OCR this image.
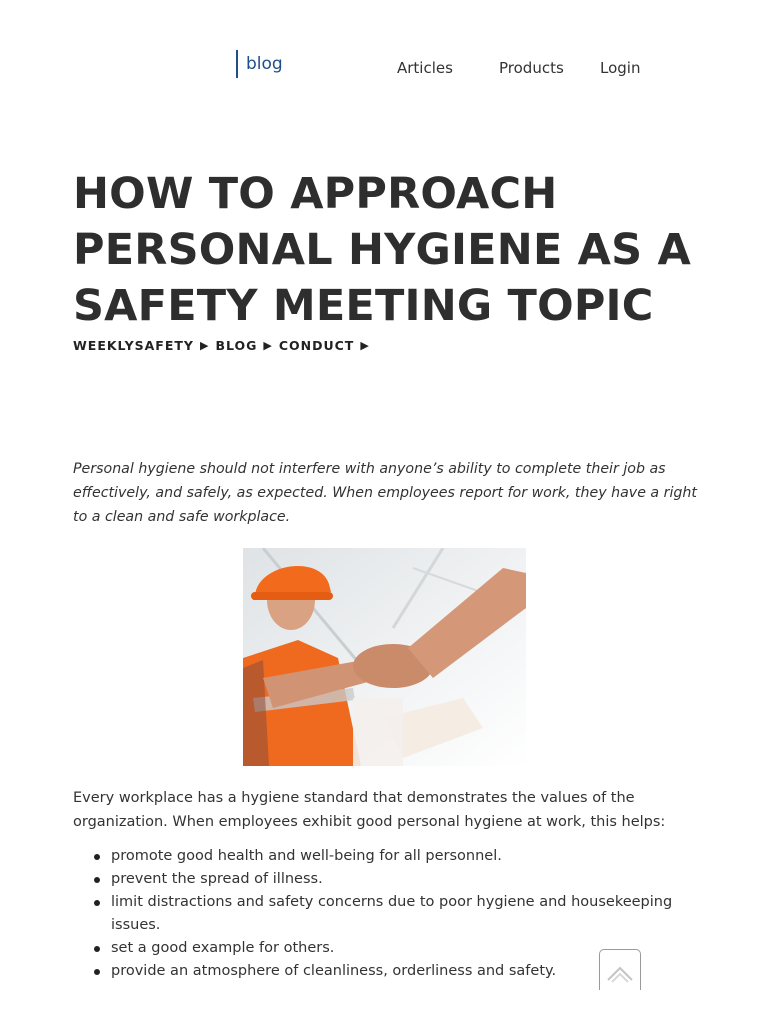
blog	Articles	Products Login
HOW TO APPROACH PERSONAL HYGIENE AS A SAFETY MEETING TOPIC
WEEKLYSAFETY ▶ BLOG ▶ CONDUCT ▶

Personal hygiene should not interfere with anyone’s ability to complete their job as effectively, and safely, as expected. When employees report for work, they have a right to a clean and safe workplace.

Every workplace has a hygiene standard that demonstrates the values of the organization. When employees exhibit good personal hygiene at work, this helps:

promote good health and well-being for all personnel.
prevent the spread of illness.
limit distractions and safety concerns due to poor hygiene and housekeeping issues.
set a good example for others.
provide an atmosphere of cleanliness, orderliness and safety.
